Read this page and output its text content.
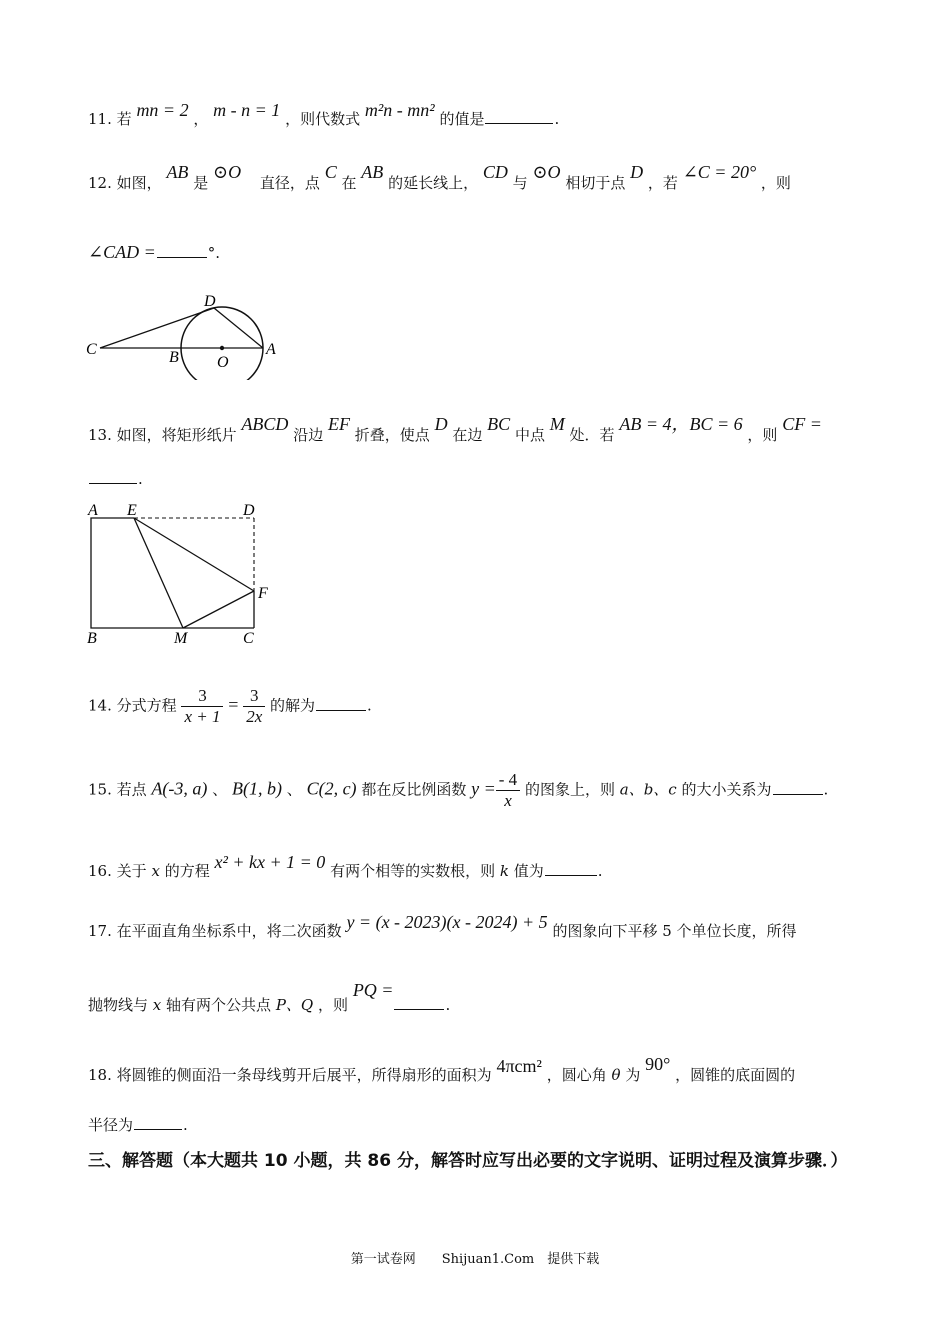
11. 若 mn = 2 ， m - n = 1 ，则代数式 m²n - mn² 的值是	.
12. 如图， AB 是 ⊙O 直径，点 C 在 AB 的延长线上， CD 与 ⊙O 相切于点 D ，若 ∠C = 20° ，则
∠CAD =	°.
C	B O
A
D
13. 如图，将矩形纸片 ABCD 沿边 EF 折叠，使点 D 在边 BC 中点 M 处．若 AB = 4，BC = 6 ，则 CF =
.
A E	D
F
B	M	C
14. 分式方程 $\frac{3}{x + 1} = \frac{3}{2x}$ 的解为	.
15. 若点 A(-3, a) 、 B(1, b) 、 C(2, c) 都在反比例函数 $y = \frac{- 4}{x}$ 的图象上，则 a、b、c 的大小关系为	.
16. 关于 x 的方程 x² + kx + 1 = 0 有两个相等的实数根，则 k 值为	.
17. 在平面直角坐标系中，将二次函数 y = (x - 2023)(x - 2024) + 5 的图象向下平移 5 个单位长度，所得
抛物线与 x 轴有两个公共点 P、Q ，则 PQ =.
18. 将圆锥的侧面沿一条母线剪开后展平，所得扇形的面积为 4πcm² ，圆心角 θ 为 90° ，圆锥的底面圆的
半径为	.
三、解答题（本大题共 10 小题，共 86 分，解答时应写出必要的文字说明、证明过程及演算步骤．）
第一试卷网　　Shijuan1.Com　提供下载
